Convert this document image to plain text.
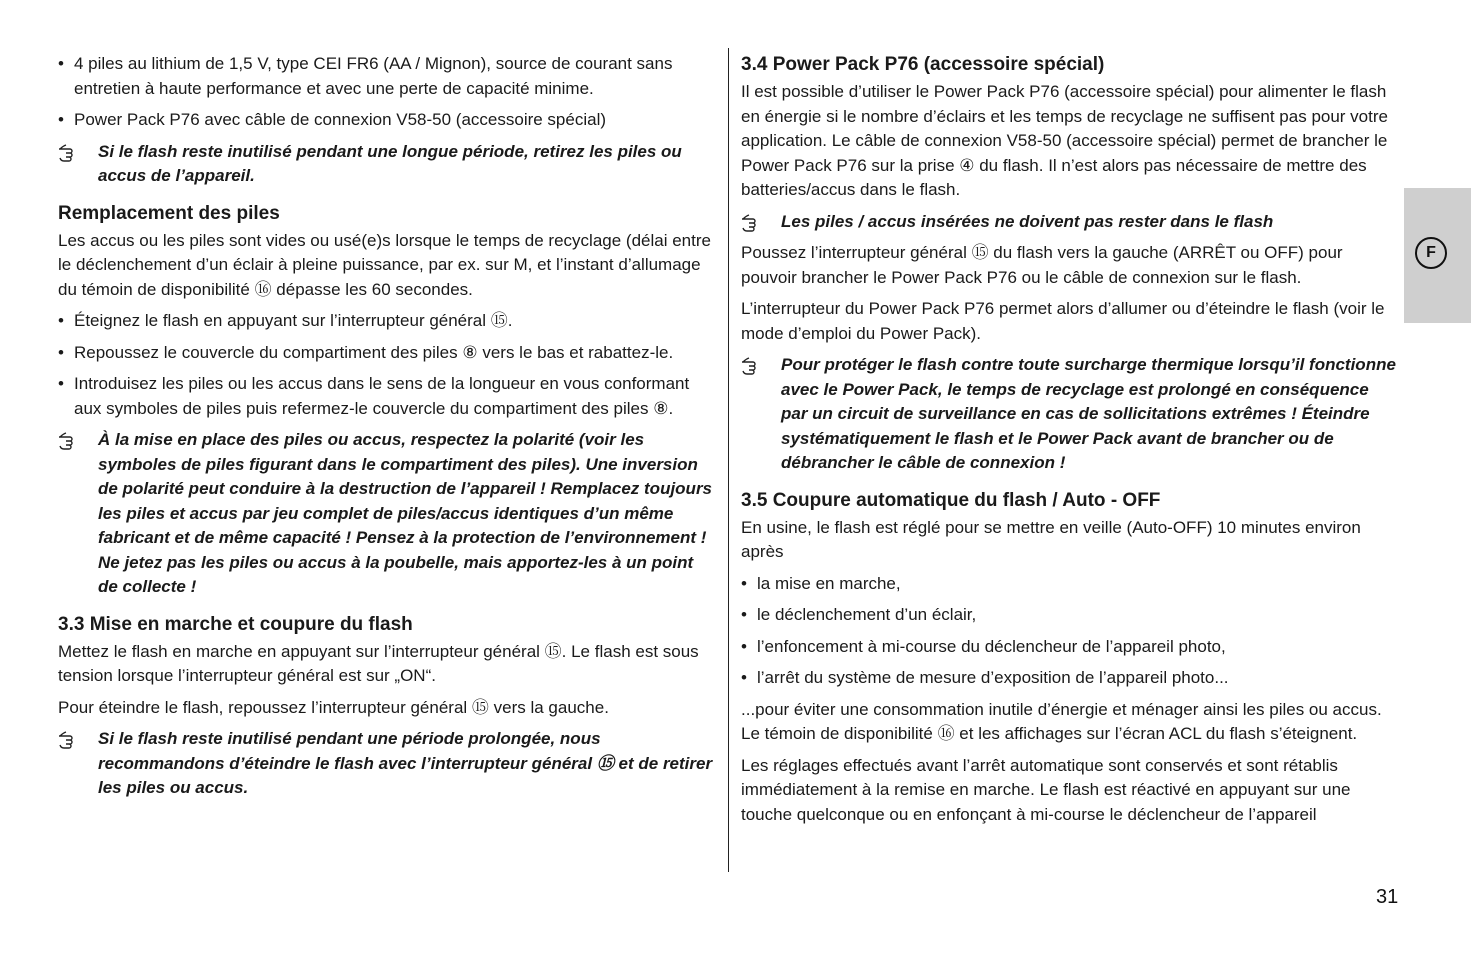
• 4 piles au lithium de 1,5 V, type CEI FR6 (AA / Mignon), source de courant sans entretien à haute performance et avec une perte de capacité minime.
• Power Pack P76 avec câble de connexion V58-50 (accessoire spécial)
Si le flash reste inutilisé pendant une longue période, retirez les piles ou accus de l’appareil.
Remplacement des piles

Les accus ou les piles sont vides ou usé(e)s lorsque le temps de recyclage (délai entre le déclenchement d’un éclair à pleine puissance, par ex. sur M, et l’instant d’allumage du témoin de disponibilité ⑯ dépasse les 60 secondes.

• Éteignez le flash en appuyant sur l’interrupteur général ⑮.
• Repoussez le couvercle du compartiment des piles ⑧ vers le bas et rabattez-le.
• Introduisez les piles ou les accus dans le sens de la longueur en vous conformant aux symboles de piles puis refermez-le couvercle du compartiment des piles ⑧.
À la mise en place des piles ou accus, respectez la polarité (voir les symboles de piles figurant dans le compartiment des piles). Une inversion de polarité peut conduire à la destruction de l’appareil ! Remplacez toujours les piles et accus par jeu complet de piles/accus identiques d’un même fabricant et de même capacité ! Pensez à la protection de l’environnement ! Ne jetez pas les piles ou accus à la poubelle, mais apportez-les à un point de collecte !
3.3 Mise en marche et coupure du flash

Mettez le flash en marche en appuyant sur l’interrupteur général ⑮. Le flash est sous tension lorsque l’interrupteur général est sur „ON“.

Pour éteindre le flash, repoussez l’interrupteur général ⑮ vers la gauche.

Si le flash reste inutilisé pendant une période prolongée, nous recommandons d’éteindre le flash avec l’interrupteur général ⑮ et de retirer les piles ou accus.
3.4 Power Pack P76 (accessoire spécial)

Il est possible d’utiliser le Power Pack P76 (accessoire spécial) pour alimenter le flash en énergie si le nombre d’éclairs et les temps de recyclage ne suffisent pas pour votre application. Le câble de connexion V58-50 (accessoire spécial) permet de brancher le Power Pack P76 sur la prise ④ du flash. Il n’est alors pas nécessaire de mettre des batteries/accus dans le flash.

Les piles / accus insérées ne doivent pas rester dans le flash

Poussez l’interrupteur général ⑮ du flash vers la gauche (ARRÊT ou OFF) pour pouvoir brancher le Power Pack P76 ou le câble de connexion sur le flash.

L’interrupteur du Power Pack P76 permet alors d’allumer ou d’éteindre le flash (voir le mode d’emploi du Power Pack).

Pour protéger le flash contre toute surcharge thermique lorsqu’il fonctionne avec le Power Pack, le temps de recyclage est prolongé en conséquence par un circuit de surveillance en cas de sollicitations extrêmes ! Éteindre systématiquement le flash et le Power Pack avant de brancher ou de débrancher le câble de connexion !
3.5 Coupure automatique du flash / Auto - OFF

En usine, le flash est réglé pour se mettre en veille (Auto-OFF) 10 minutes environ après

• la mise en marche,
• le déclenchement d’un éclair,
• l’enfoncement à mi-course du déclencheur de l’appareil photo,
• l’arrêt du système de mesure d’exposition de l’appareil photo...

...pour éviter une consommation inutile d’énergie et ménager ainsi les piles ou accus. Le témoin de disponibilité ⑯ et les affichages sur l’écran ACL du flash s’éteignent.

Les réglages effectués avant l’arrêt automatique sont conservés et sont rétablis immédiatement à la remise en marche. Le flash est réactivé en appuyant sur une touche quelconque ou en enfonçant à mi-course le déclencheur de l’appareil

F
31
